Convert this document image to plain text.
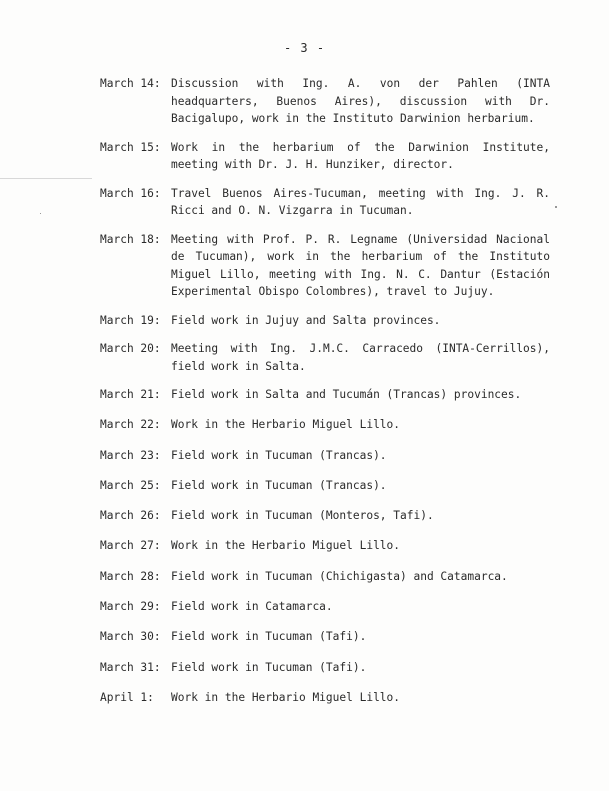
- 3 -
March 14: Discussion with Ing. A. von der Pahlen (INTA headquarters, Buenos Aires), discussion with Dr. Bacigalupo, work in the Instituto Darwinion herbarium.
March 15: Work in the herbarium of the Darwinion Institute, meeting with Dr. J. H. Hunziker, director.
March 16: Travel Buenos Aires-Tucuman, meeting with Ing. J. R. Ricci and O. N. Vizgarra in Tucuman.
March 18: Meeting with Prof. P. R. Legname (Universidad Nacional de Tucuman), work in the herbarium of the Instituto Miguel Lillo, meeting with Ing. N. C. Dantur (Estación Experimental Obispo Colombres), travel to Jujuy.
March 19: Field work in Jujuy and Salta provinces.
March 20: Meeting with Ing. J.M.C. Carracedo (INTA-Cerrillos), field work in Salta.
March 21: Field work in Salta and Tucumán (Trancas) provinces.
March 22: Work in the Herbario Miguel Lillo.
March 23: Field work in Tucuman (Trancas).
March 25: Field work in Tucuman (Trancas).
March 26: Field work in Tucuman (Monteros, Tafi).
March 27: Work in the Herbario Miguel Lillo.
March 28: Field work in Tucuman (Chichigasta) and Catamarca.
March 29: Field work in Catamarca.
March 30: Field work in Tucuman (Tafi).
March 31: Field work in Tucuman (Tafi).
April 1:	Work in the Herbario Miguel Lillo.
